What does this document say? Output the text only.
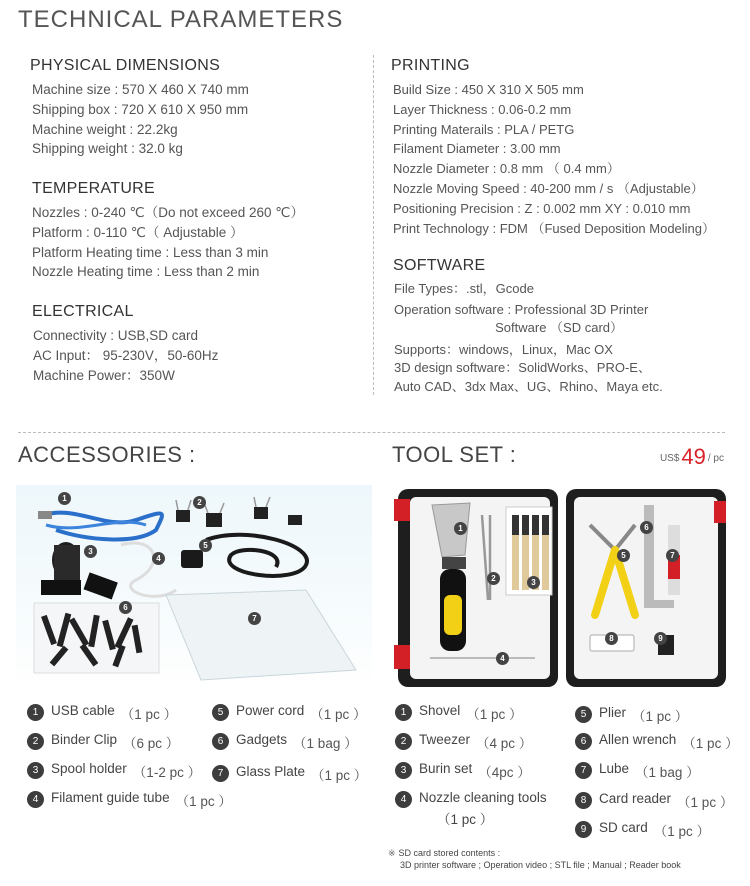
TECHNICAL PARAMETERS
PHYSICAL DIMENSIONS
Machine size : 570 X 460 X 740 mm
Shipping box : 720 X 610 X 950 mm
Machine weight : 22.2kg
Shipping weight : 32.0 kg
TEMPERATURE
Nozzles : 0-240 ℃（Do not exceed 260 ℃）
Platform : 0-110 ℃（ Adjustable ）
Platform Heating time : Less than 3 min
Nozzle Heating time : Less than 2 min
ELECTRICAL
Connectivity : USB,SD card
AC Input： 95-230V，50-60Hz
Machine Power：350W
PRINTING
Build Size : 450 X 310 X 505 mm
Layer Thickness : 0.06-0.2 mm
Printing Materails : PLA / PETG
Filament Diameter : 3.00 mm
Nozzle Diameter : 0.8 mm （ 0.4 mm）
Nozzle Moving Speed : 40-200 mm / s （Adjustable）
Positioning Precision : Z : 0.002 mm XY : 0.010 mm
Print Technology : FDM （Fused Deposition Modeling）
SOFTWARE
File Types：.stl，Gcode
Operation software : Professional 3D Printer
Software （SD card）
Supports：windows，Linux，Mac OX
3D design software：SolidWorks、PRO-E、
Auto CAD、3dx Max、UG、Rhino、Maya etc.
ACCESSORIES :
1	2
3
4
5
6
7
1 USB cable （1 pc ）
2 Binder Clip （6 pc ）
3 Spool holder （1-2 pc ）
4 Filament guide tube （1 pc ）
5 Power cord （1 pc ）
6 Gadgets （1 bag ）
7 Glass Plate （1 pc ）
TOOL SET :	US$49 / pc
1
2	3
4
5
6
7
8	9
1 Shovel （1 pc ）
2 Tweezer （4 pc ）
3 Burin set （4pc ）
4 Nozzle cleaning tools
（1 pc ）
5 Plier （1 pc ）
6 Allen wrench （1 pc ）
7 Lube （1 bag ）
8 Card reader （1 pc ）
9 SD card （1 pc ）
※ SD card stored contents :
3D printer software ; Operation video ; STL file ; Manual ; Reader book
